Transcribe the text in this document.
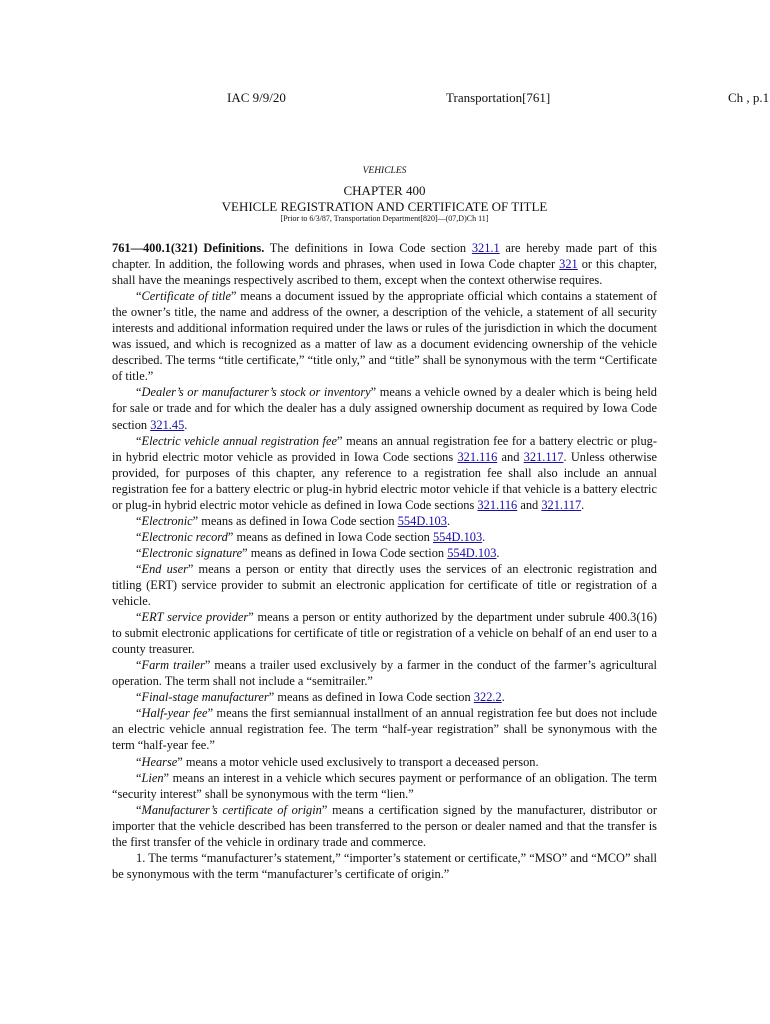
IAC 9/9/20	Transportation[761]	Ch , p.1
VEHICLES
CHAPTER 400
VEHICLE REGISTRATION AND CERTIFICATE OF TITLE
[Prior to 6/3/87, Transportation Department[820]—(07,D)Ch 11]

761—400.1(321) Definitions. The definitions in Iowa Code section 321.1 are hereby made part of this chapter. In addition, the following words and phrases, when used in Iowa Code chapter 321 or this chapter, shall have the meanings respectively ascribed to them, except when the context otherwise requires.

“Certificate of title” means a document issued by the appropriate official which contains a statement of the owner’s title, the name and address of the owner, a description of the vehicle, a statement of all security interests and additional information required under the laws or rules of the jurisdiction in which the document was issued, and which is recognized as a matter of law as a document evidencing ownership of the vehicle described. The terms “title certificate,” “title only,” and “title” shall be synonymous with the term “Certificate of title.”

“Dealer’s or manufacturer’s stock or inventory” means a vehicle owned by a dealer which is being held for sale or trade and for which the dealer has a duly assigned ownership document as required by Iowa Code section 321.45.

“Electric vehicle annual registration fee” means an annual registration fee for a battery electric or plug-in hybrid electric motor vehicle as provided in Iowa Code sections 321.116 and 321.117. Unless otherwise provided, for purposes of this chapter, any reference to a registration fee shall also include an annual registration fee for a battery electric or plug-in hybrid electric motor vehicle if that vehicle is a battery electric or plug-in hybrid electric motor vehicle as defined in Iowa Code sections 321.116 and 321.117.

“Electronic” means as defined in Iowa Code section 554D.103.

“Electronic record” means as defined in Iowa Code section 554D.103.

“Electronic signature” means as defined in Iowa Code section 554D.103.

“End user” means a person or entity that directly uses the services of an electronic registration and titling (ERT) service provider to submit an electronic application for certificate of title or registration of a vehicle.

“ERT service provider” means a person or entity authorized by the department under subrule 400.3(16) to submit electronic applications for certificate of title or registration of a vehicle on behalf of an end user to a county treasurer.

“Farm trailer” means a trailer used exclusively by a farmer in the conduct of the farmer’s agricultural operation. The term shall not include a “semitrailer.”

“Final-stage manufacturer” means as defined in Iowa Code section 322.2.

“Half-year fee” means the first semiannual installment of an annual registration fee but does not include an electric vehicle annual registration fee. The term “half-year registration” shall be synonymous with the term “half-year fee.”

“Hearse” means a motor vehicle used exclusively to transport a deceased person.

“Lien” means an interest in a vehicle which secures payment or performance of an obligation. The term “security interest” shall be synonymous with the term “lien.”

“Manufacturer’s certificate of origin” means a certification signed by the manufacturer, distributor or importer that the vehicle described has been transferred to the person or dealer named and that the transfer is the first transfer of the vehicle in ordinary trade and commerce.

1. The terms “manufacturer’s statement,” “importer’s statement or certificate,” “MSO” and “MCO” shall be synonymous with the term “manufacturer’s certificate of origin.”
